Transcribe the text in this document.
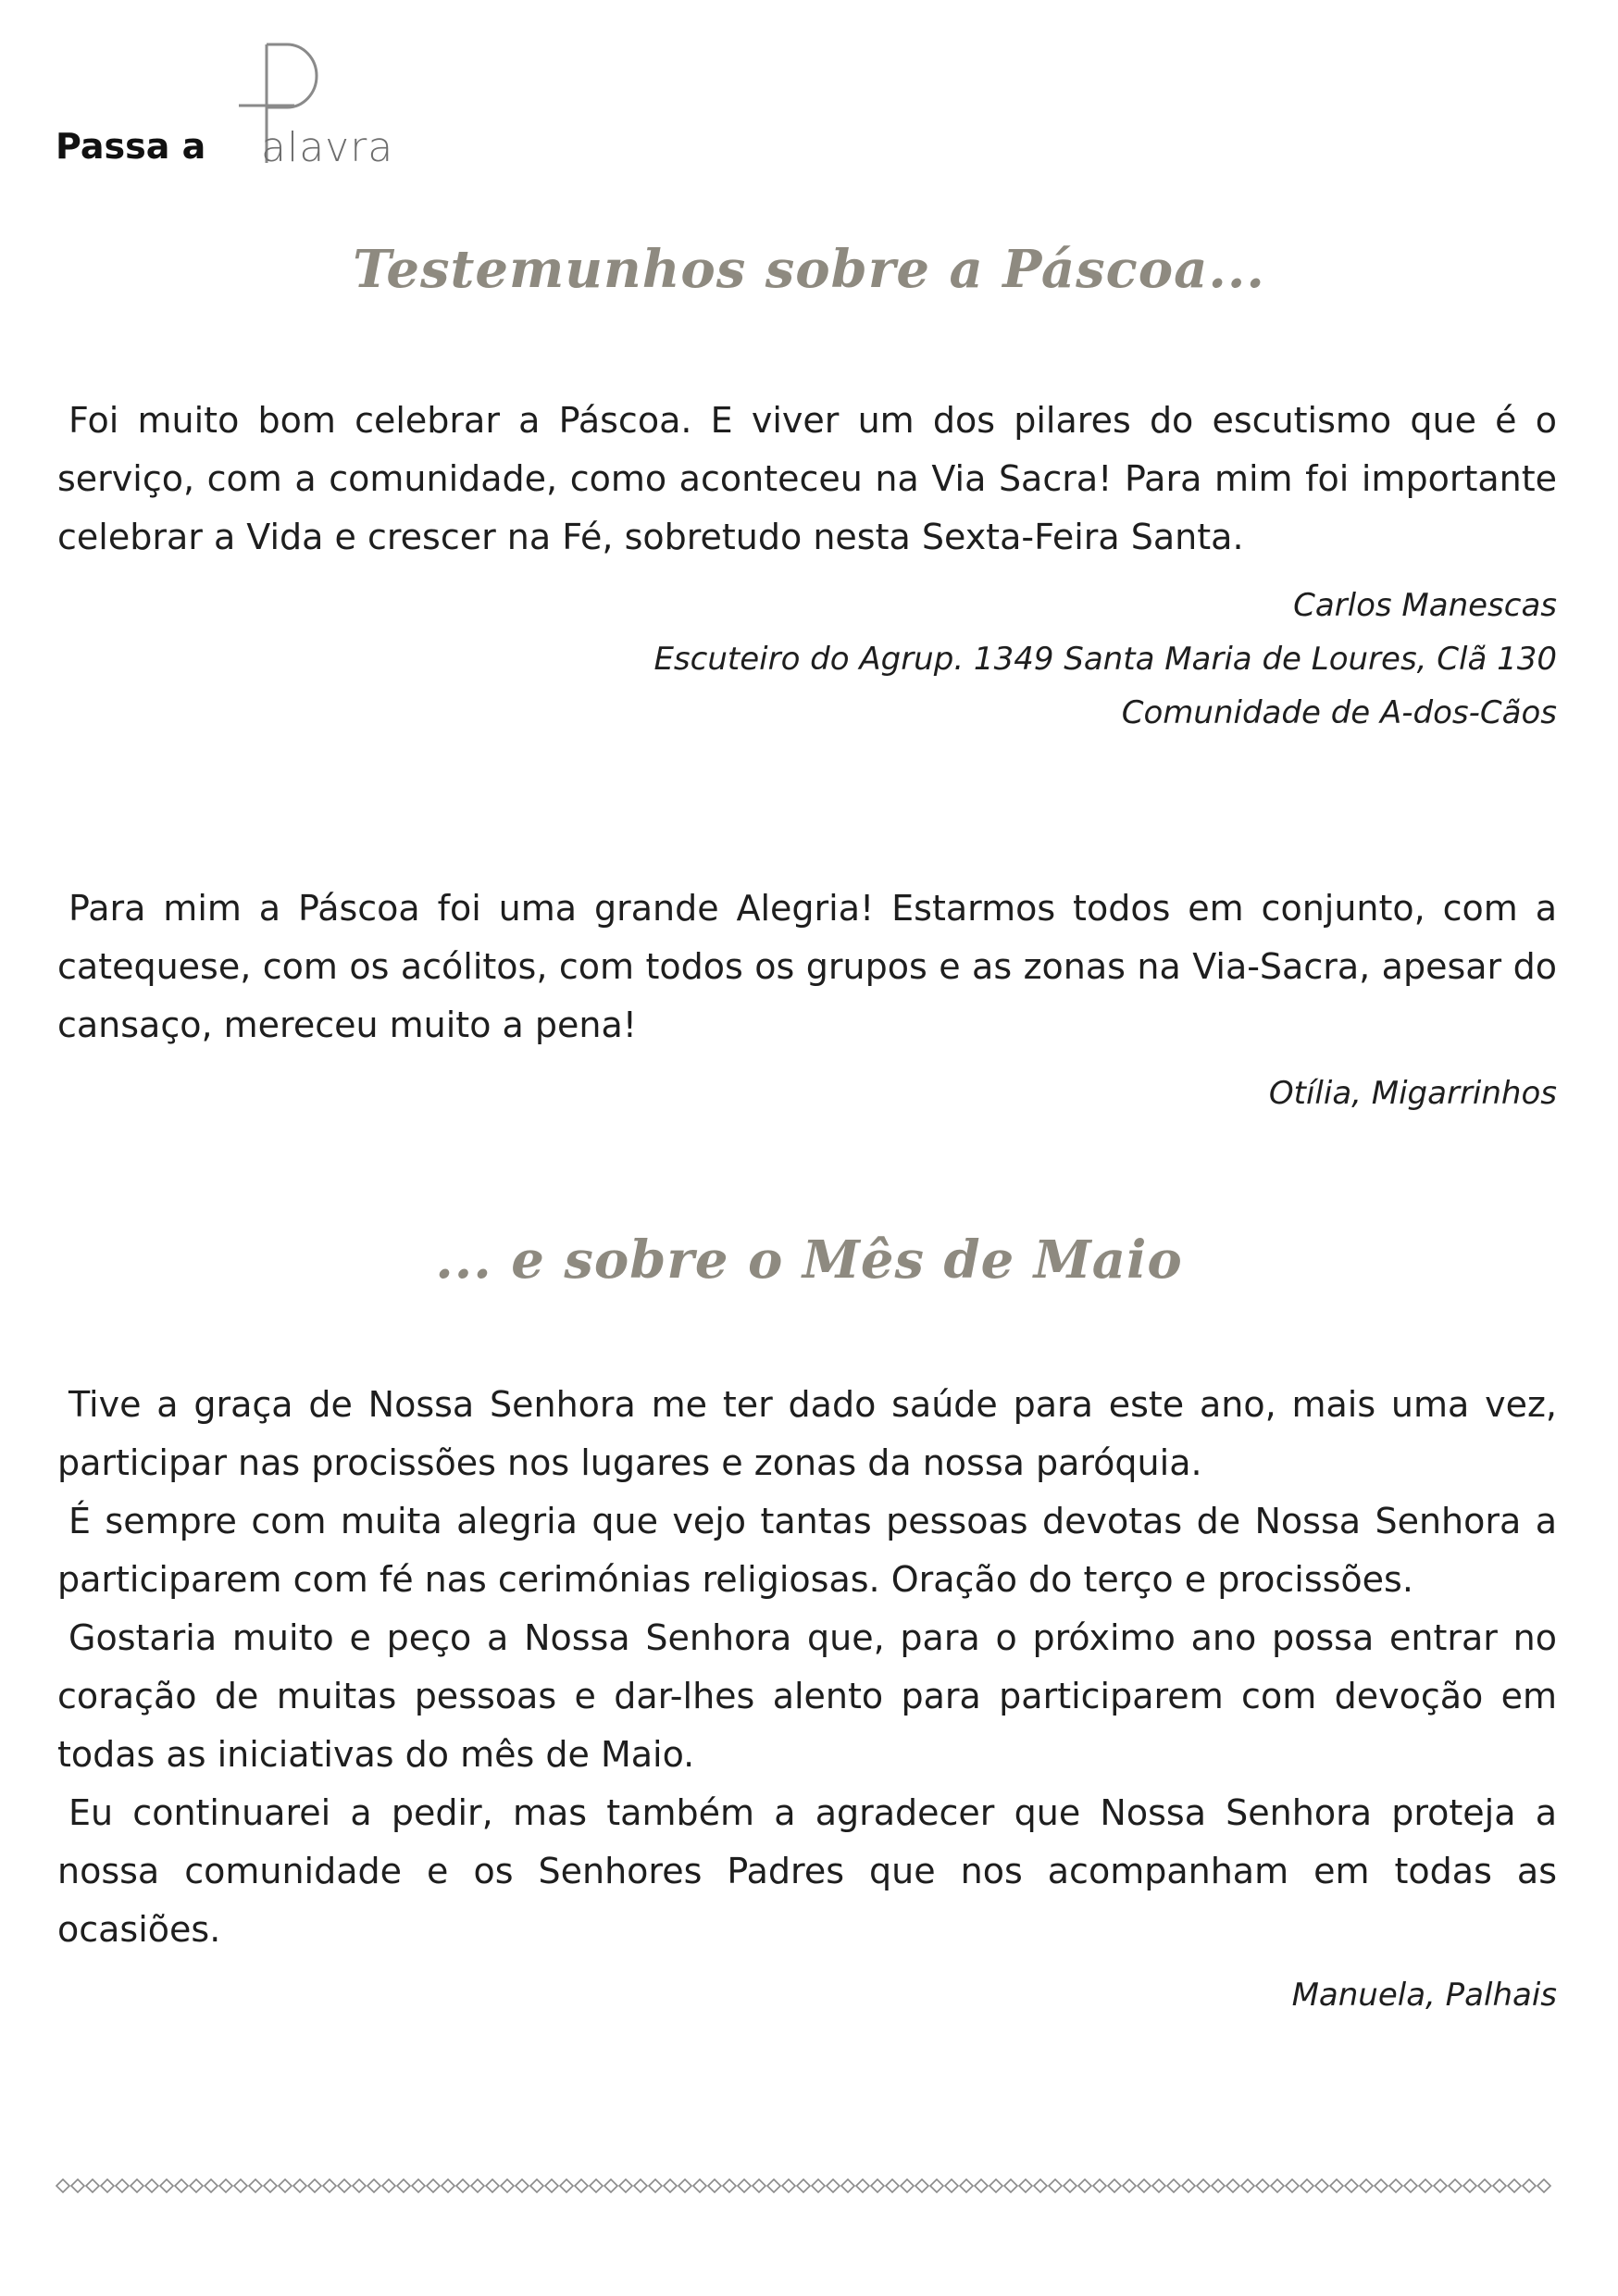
Passa a alavra
Testemunhos sobre a Páscoa...

Foi muito bom celebrar a Páscoa. E viver um dos pilares do escutismo que é o serviço, com a comunidade, como aconteceu na Via Sacra! Para mim foi importante celebrar a Vida e crescer na Fé, sobretudo nesta Sexta-Feira Santa.

Carlos Manescas
Escuteiro do Agrup. 1349 Santa Maria de Loures, Clã 130
Comunidade de A-dos-Cãos

Para mim a Páscoa foi uma grande Alegria! Estarmos todos em conjunto, com a catequese, com os acólitos, com todos os grupos e as zonas na Via-Sacra, apesar do cansaço, mereceu muito a pena!

Otília, Migarrinhos
... e sobre o Mês de Maio

Tive a graça de Nossa Senhora me ter dado saúde para este ano, mais uma vez, participar nas procissões nos lugares e zonas da nossa paróquia.

É sempre com muita alegria que vejo tantas pessoas devotas de Nossa Senhora a participarem com fé nas cerimónias religiosas. Oração do terço e procissões.

Gostaria muito e peço a Nossa Senhora que, para o próximo ano possa entrar no coração de muitas pessoas e dar-lhes alento para participarem com devoção em todas as iniciativas do mês de Maio.

Eu continuarei a pedir, mas também a agradecer que Nossa Senhora proteja a nossa comunidade e os Senhores Padres que nos acompanham em todas as ocasiões.

Manuela, Palhais
